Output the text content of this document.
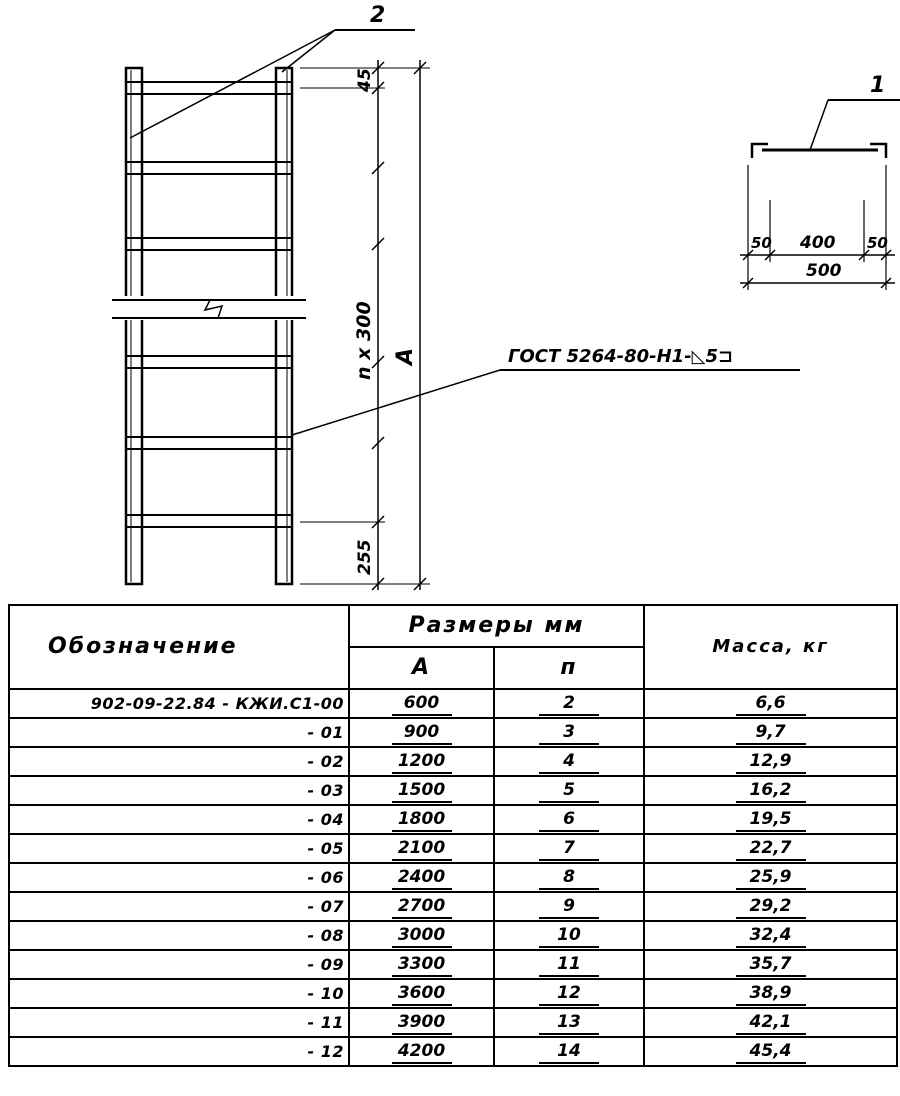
2
45
n x 300 A
255
ГОСТ 5264-80-Н1-◺5⊐
1
50 400 50
500
Обозначение	Размеры мм		Масса, кг
	А	п	
902-09-22.84 - КЖИ.С1-00	600	2	6,6
- 01	900	3	9,7
- 02	1200	4	12,9
- 03	1500	5	16,2
- 04	1800	6	19,5
- 05	2100	7	22,7
- 06	2400	8	25,9
- 07	2700	9	29,2
- 08	3000	10	32,4
- 09	3300	11	35,7
- 10	3600	12	38,9
- 11	3900	13	42,1
- 12	4200	14	45,4
